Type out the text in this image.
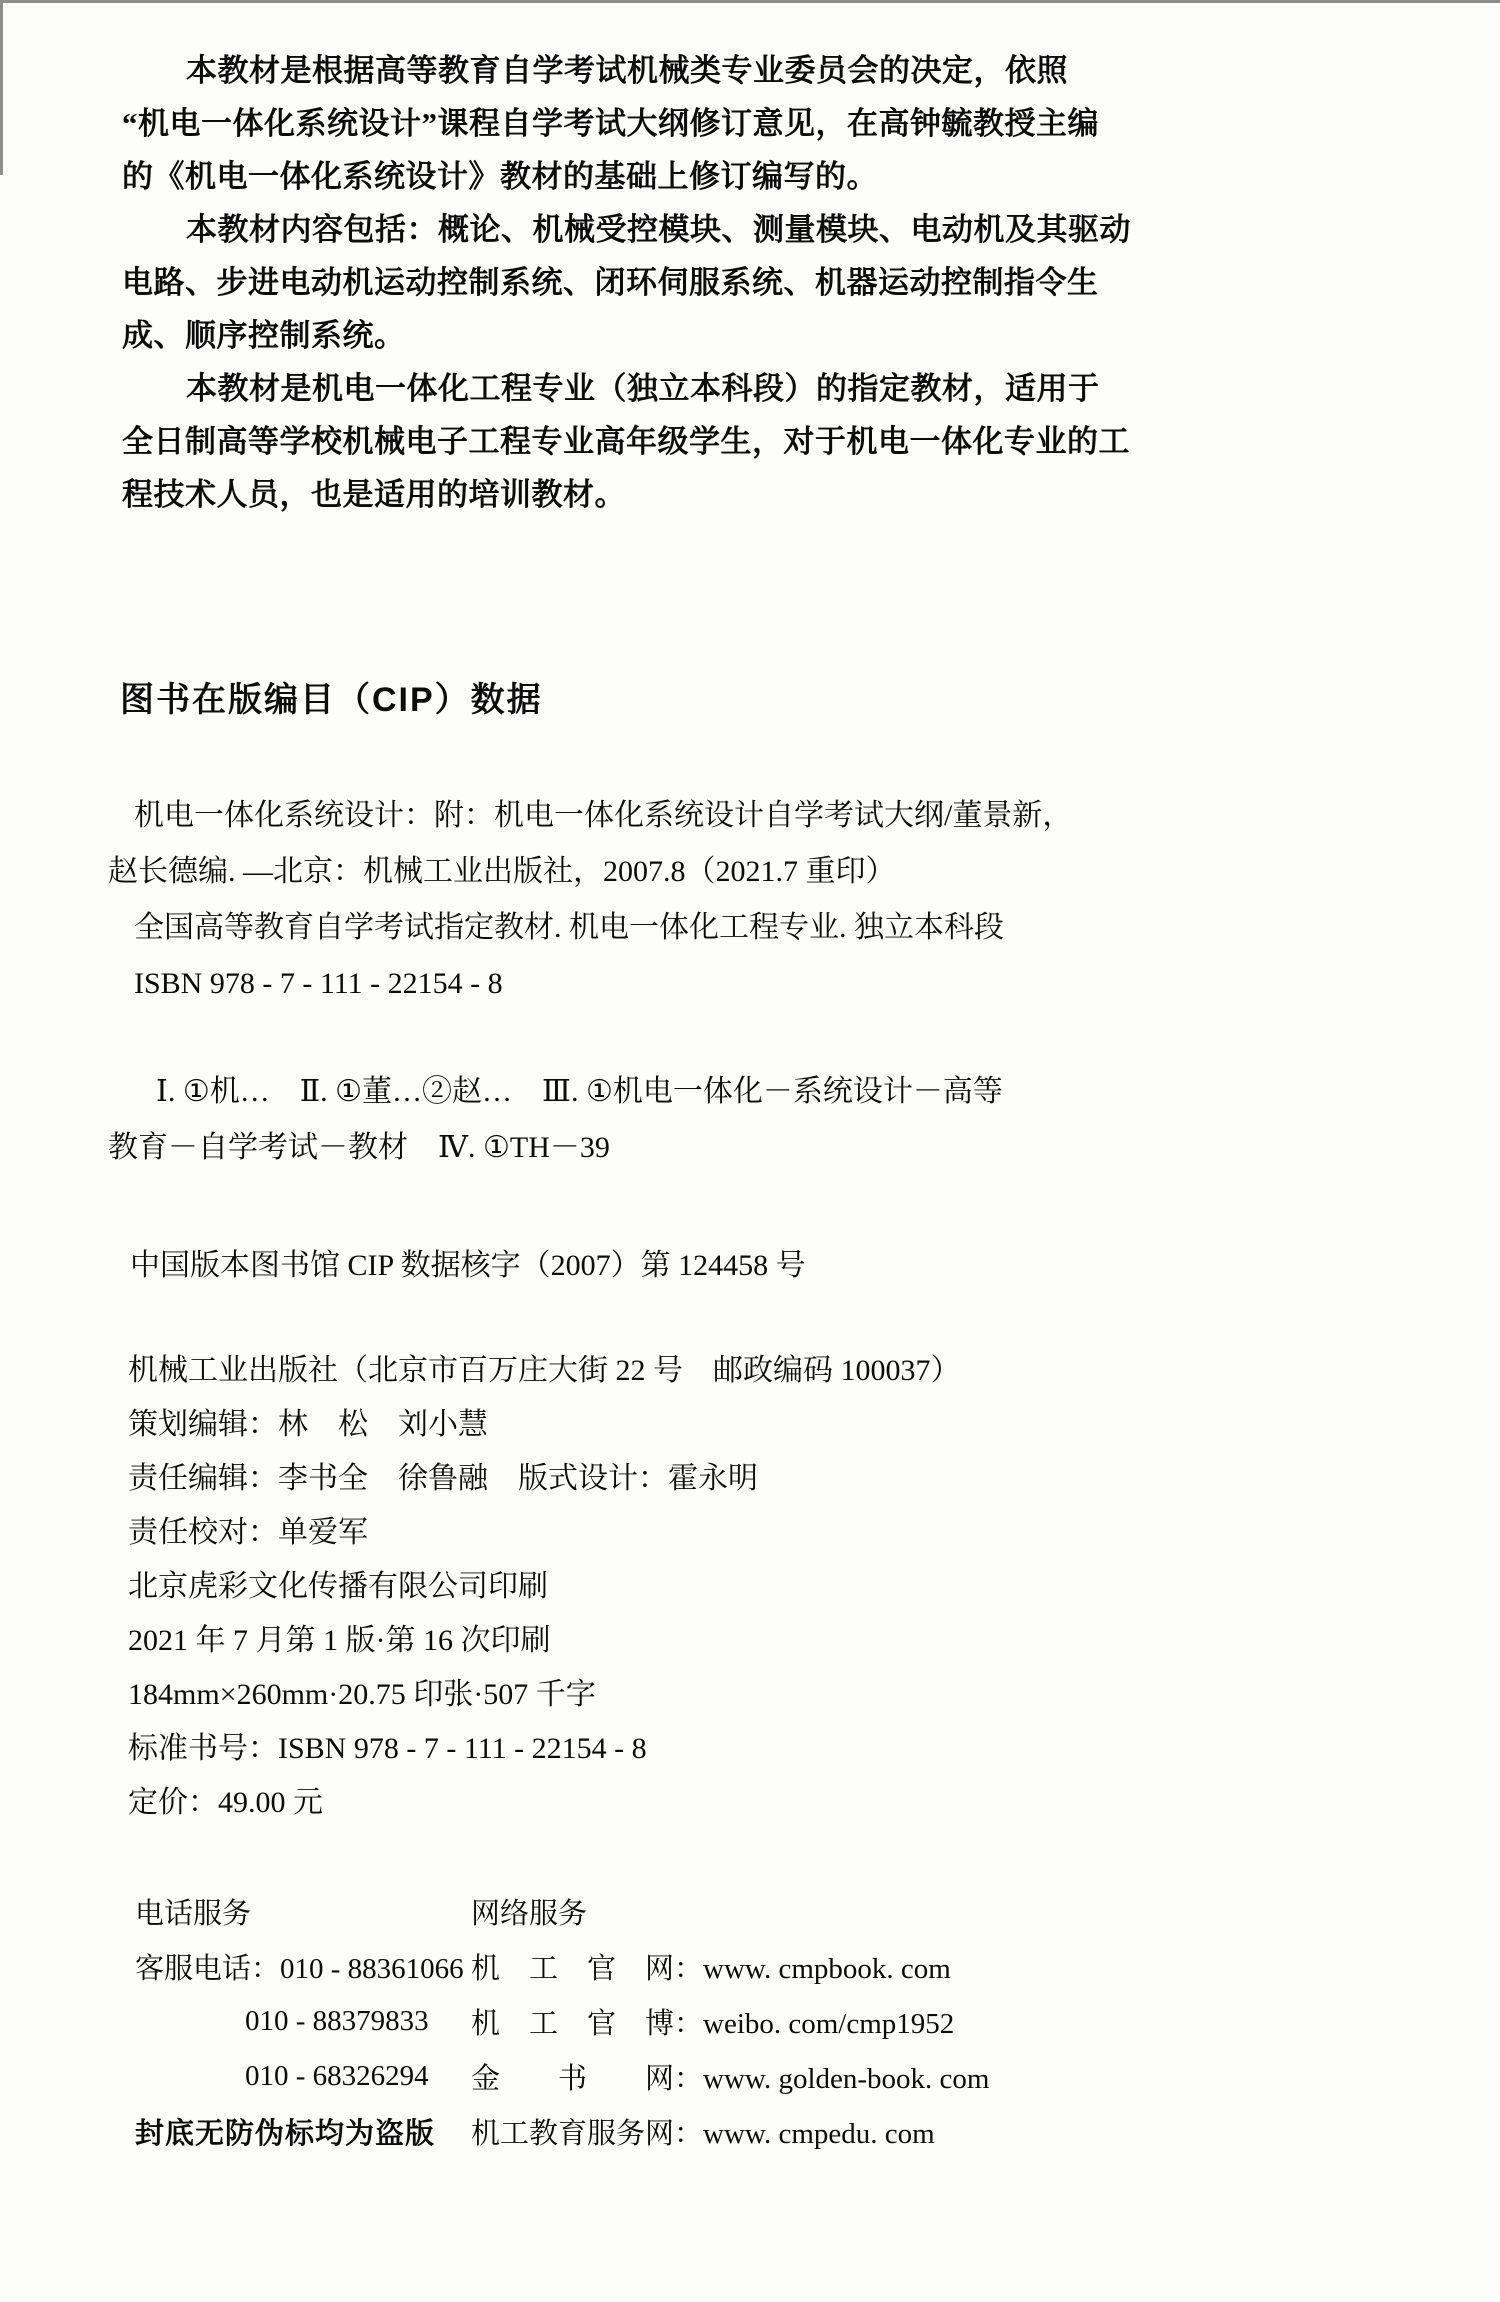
本教材是根据高等教育自学考试机械类专业委员会的决定，依照
“机电一体化系统设计”课程自学考试大纲修订意见，在高钟毓教授主编
的《机电一体化系统设计》教材的基础上修订编写的。
本教材内容包括：概论、机械受控模块、测量模块、电动机及其驱动
电路、步进电动机运动控制系统、闭环伺服系统、机器运动控制指令生
成、顺序控制系统。
本教材是机电一体化工程专业（独立本科段）的指定教材，适用于
全日制高等学校机械电子工程专业高年级学生，对于机电一体化专业的工
程技术人员，也是适用的培训教材。
图书在版编目（CIP）数据
机电一体化系统设计：附：机电一体化系统设计自学考试大纲/董景新，
赵长德编. —北京：机械工业出版社，2007.8（2021.7 重印）
全国高等教育自学考试指定教材. 机电一体化工程专业. 独立本科段
ISBN 978 - 7 - 111 - 22154 - 8
Ⅰ. ①机…　Ⅱ. ①董…②赵…　Ⅲ. ①机电一体化－系统设计－高等
教育－自学考试－教材　Ⅳ. ①TH－39
中国版本图书馆 CIP 数据核字（2007）第 124458 号
机械工业出版社（北京市百万庄大街 22 号　邮政编码 100037）
策划编辑：林　松　刘小慧
责任编辑：李书全　徐鲁融　版式设计：霍永明
责任校对：单爱军
北京虎彩文化传播有限公司印刷
2021 年 7 月第 1 版·第 16 次印刷
184mm×260mm·20.75 印张·507 千字
标准书号：ISBN 978 - 7 - 111 - 22154 - 8
定价：49.00 元
电话服务	网络服务
客服电话：010 - 88361066 机　工　官　网：www. cmpbook. com
010 - 88379833	机　工　官　博：weibo. com/cmp1952
010 - 68326294	金　　书　　网：www. golden-book. com
封底无防伪标均为盗版	机工教育服务网：www. cmpedu. com
